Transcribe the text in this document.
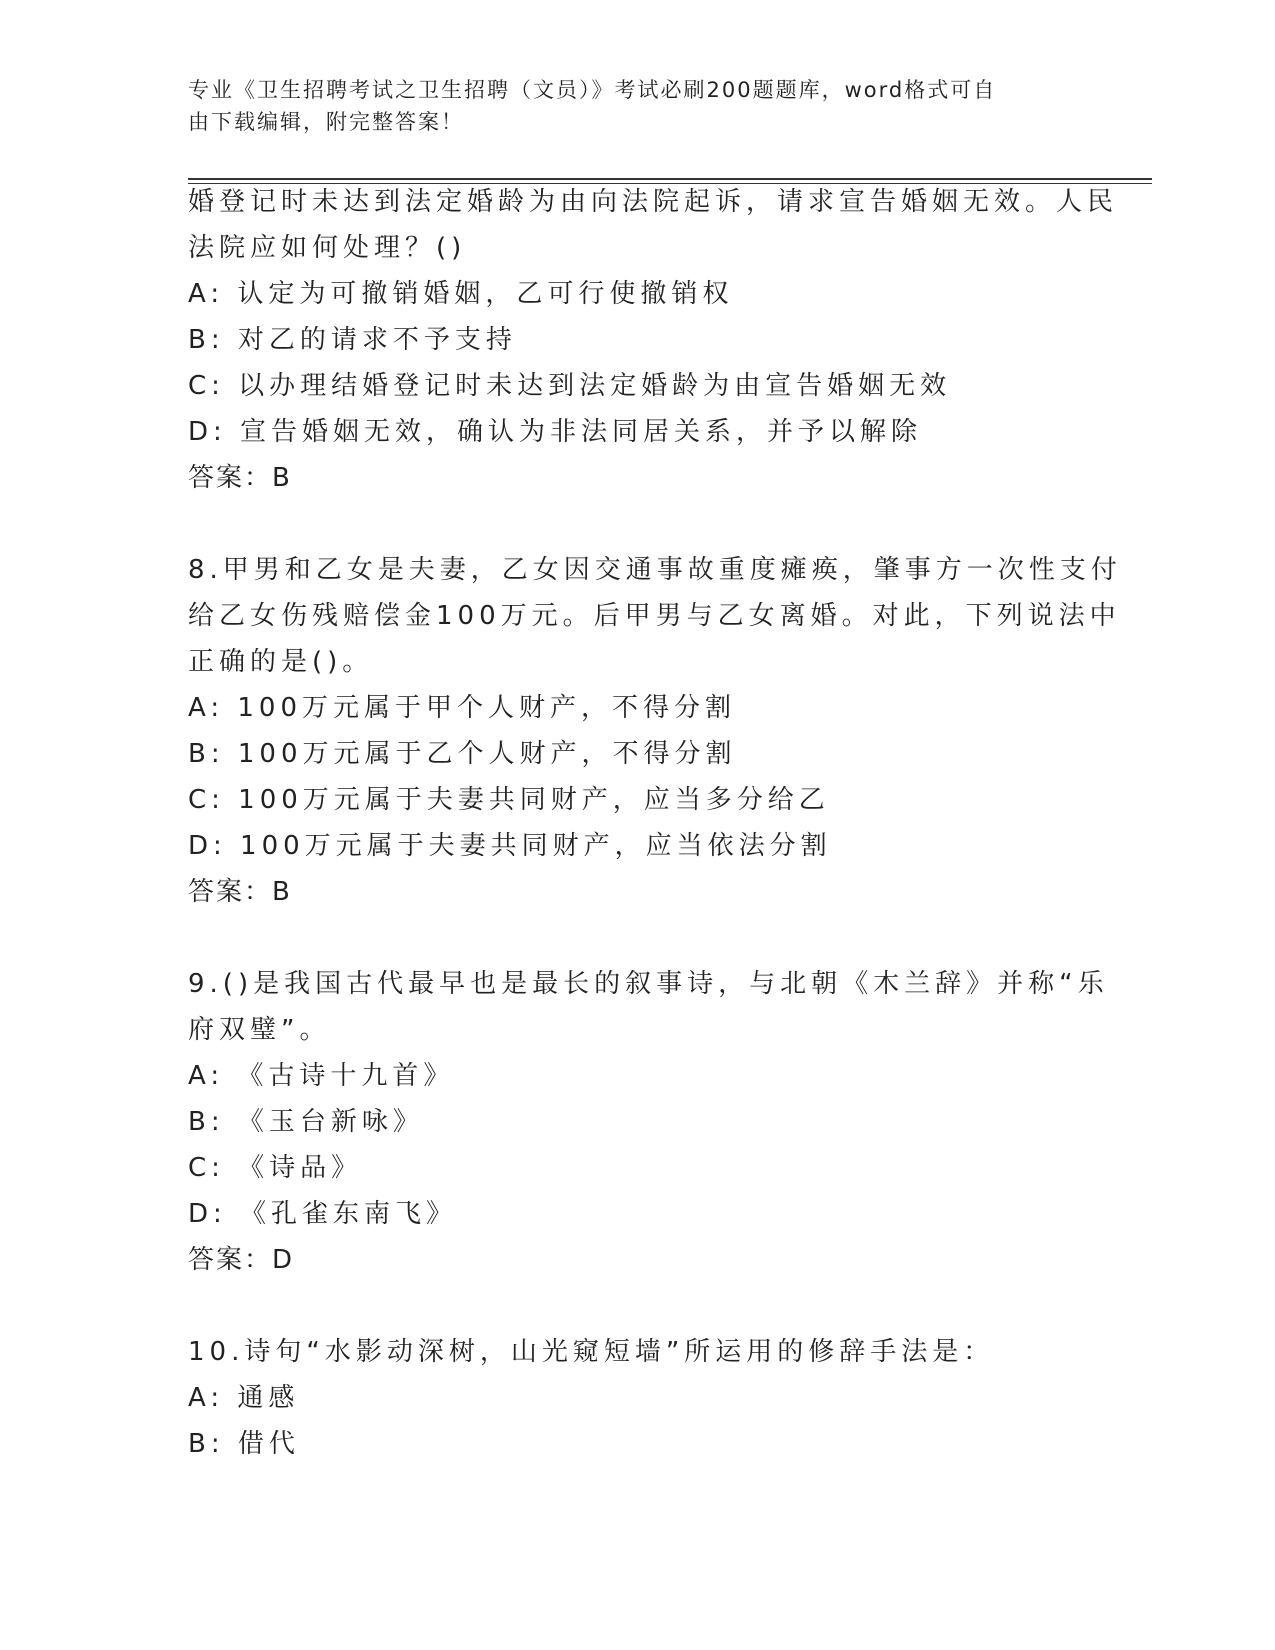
专业《卫生招聘考试之卫生招聘（文员）》考试必刷200题题库，word格式可自
由下载编辑，附完整答案！
婚登记时未达到法定婚龄为由向法院起诉，请求宣告婚姻无效。人民
法院应如何处理？()
A: 认定为可撤销婚姻，乙可行使撤销权
B: 对乙的请求不予支持
C: 以办理结婚登记时未达到法定婚龄为由宣告婚姻无效
D: 宣告婚姻无效，确认为非法同居关系，并予以解除
答案：B
8.甲男和乙女是夫妻，乙女因交通事故重度瘫痪，肇事方一次性支付
给乙女伤残赔偿金100万元。后甲男与乙女离婚。对此，下列说法中
正确的是()。
A: 100万元属于甲个人财产，不得分割
B: 100万元属于乙个人财产，不得分割
C: 100万元属于夫妻共同财产，应当多分给乙
D: 100万元属于夫妻共同财产，应当依法分割
答案：B
9.()是我国古代最早也是最长的叙事诗，与北朝《木兰辞》并称“乐
府双璧”。
A: 《古诗十九首》
B: 《玉台新咏》
C: 《诗品》
D: 《孔雀东南飞》
答案：D
10.诗句“水影动深树，山光窥短墙”所运用的修辞手法是：
A: 通感
B: 借代
